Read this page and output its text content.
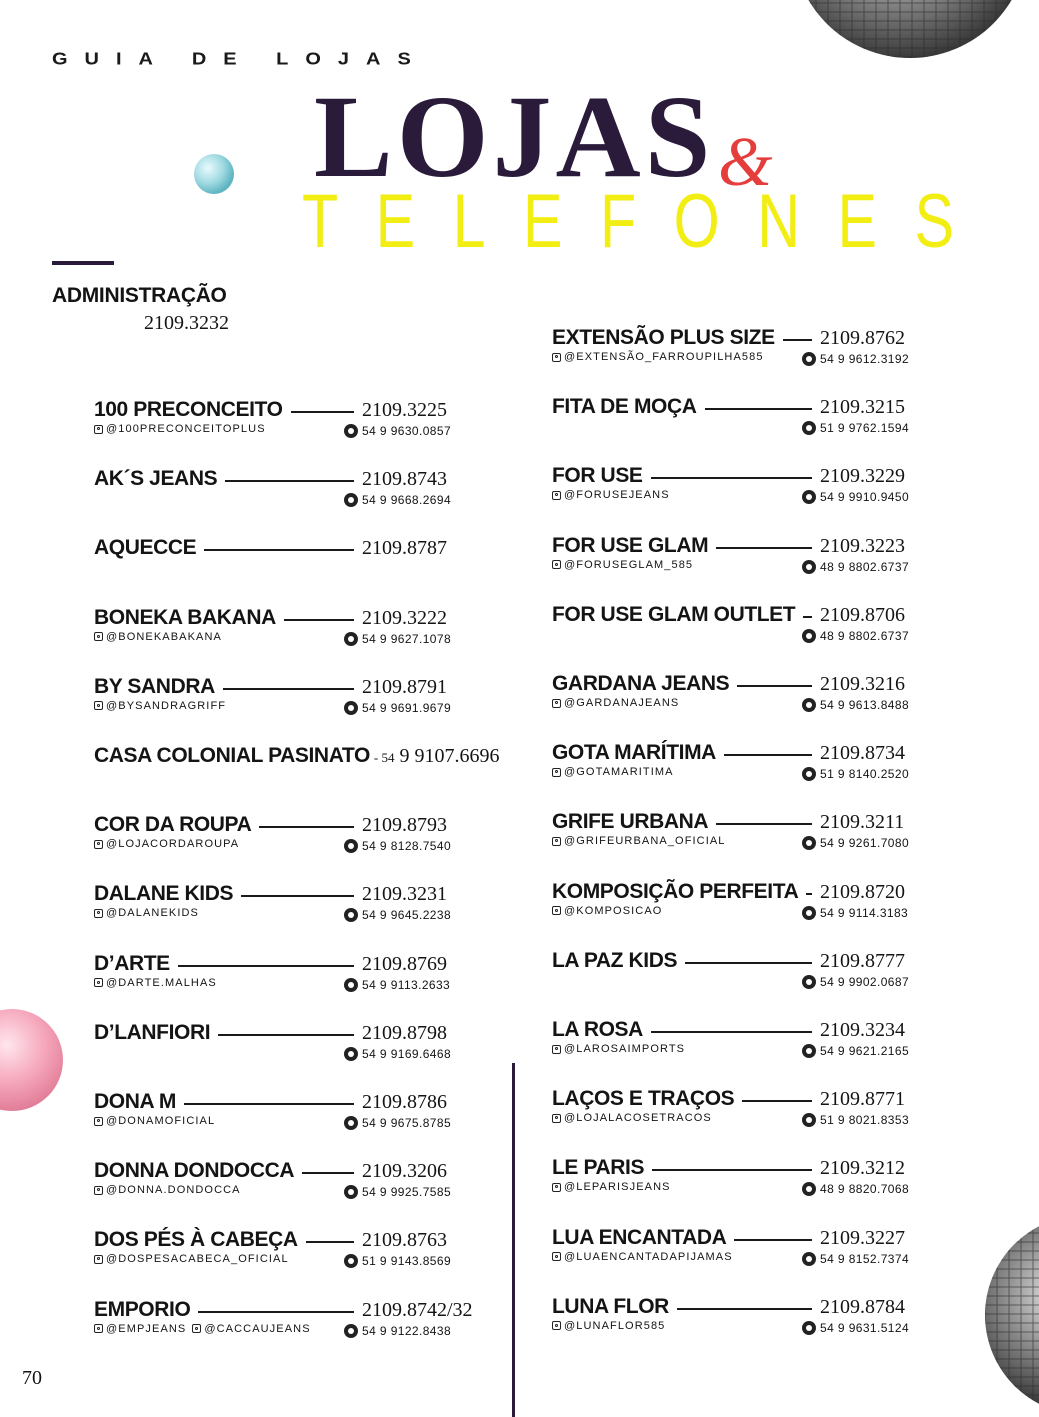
GUIA DE LOJAS
LOJAS &
TELEFONES
ADMINISTRAÇÃO
2109.3232
70
100 PRECONCEITO	2109.3225
@100PRECONCEITOPLUS	54 9 9630.0857
AK´S JEANS	2109.8743
54 9 9668.2694
AQUECCE	2109.8787
BONEKA BAKANA	2109.3222
@BONEKABAKANA	54 9 9627.1078
BY SANDRA	2109.8791
@BYSANDRAGRIFF	54 9 9691.9679
CASA COLONIAL PASINATO - 54 9 9107.6696
COR DA ROUPA	2109.8793
@LOJACORDAROUPA	54 9 8128.7540
DALANE KIDS	2109.3231
@DALANEKIDS	54 9 9645.2238
D’ARTE	2109.8769
@DARTE.MALHAS	54 9 9113.2633
D’LANFIORI	2109.8798
54 9 9169.6468
DONA M	2109.8786
@DONAMOFICIAL	54 9 9675.8785
DONNA DONDOCCA	2109.3206
@DONNA.DONDOCCA	54 9 9925.7585
DOS PÉS À CABEÇA	2109.8763
@DOSPESACABECA_OFICIAL	51 9 9143.8569
EMPORIO	2109.8742/32
@EMPJEANS @CACCAUJEANS	54 9 9122.8438
EXTENSÃO PLUS SIZE 2109.8762
@EXTENSÃO_FARROUPILHA585	54 9 9612.3192
FITA DE MOÇA	2109.3215
51 9 9762.1594
FOR USE	2109.3229
@FORUSEJEANS	54 9 9910.9450
FOR USE GLAM	2109.3223
@FORUSEGLAM_585	48 9 8802.6737
FOR USE GLAM OUTLET 2109.8706
48 9 8802.6737
GARDANA JEANS	2109.3216
@GARDANAJEANS	54 9 9613.8488
GOTA MARÍTIMA	2109.8734
@GOTAMARITIMA	51 9 8140.2520
GRIFE URBANA	2109.3211
@GRIFEURBANA_OFICIAL	54 9 9261.7080
KOMPOSIÇÃO PERFEITA 2109.8720
@KOMPOSICAO	54 9 9114.3183
LA PAZ KIDS	2109.8777
54 9 9902.0687
LA ROSA	2109.3234
@LAROSAIMPORTS	54 9 9621.2165
LAÇOS E TRAÇOS	2109.8771
@LOJALACOSETRACOS	51 9 8021.8353
LE PARIS	2109.3212
@LEPARISJEANS	48 9 8820.7068
LUA ENCANTADA	2109.3227
@LUAENCANTADAPIJAMAS	54 9 8152.7374
LUNA FLOR	2109.8784
@LUNAFLOR585	54 9 9631.5124
